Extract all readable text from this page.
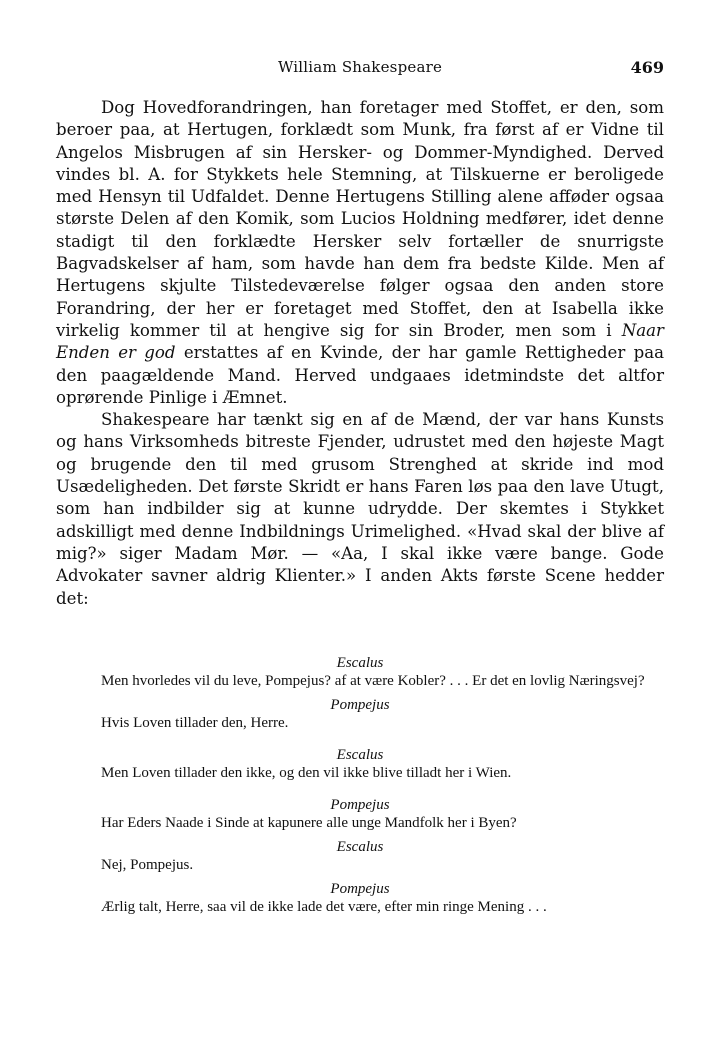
William Shakespeare	469

Dog Hovedforandringen, han foretager med Stoffet, er den, som beroer paa, at Hertugen, forklædt som Munk, fra først af er Vidne til Angelos Misbrugen af sin Hersker- og Dommer-Myndighed. Derved vindes bl. A. for Stykkets hele Stemning, at Tilskuerne er beroligede med Hensyn til Udfaldet. Denne Hertugens Stilling alene afføder ogsaa største Delen af den Komik, som Lucios Holdning medfører, idet denne stadigt til den forklædte Hersker selv fortæller de snurrigste Bagvadskelser af ham, som havde han dem fra bedste Kilde. Men af Hertugens skjulte Tilstedeværelse følger ogsaa den anden store Forandring, der her er foretaget med Stoffet, den at Isabella ikke virkelig kommer til at hengive sig for sin Broder, men som i Naar Enden er god erstattes af en Kvinde, der har gamle Rettigheder paa den paagældende Mand. Herved undgaaes idetmindste det altfor oprørende Pinlige i Æmnet.

Shakespeare har tænkt sig en af de Mænd, der var hans Kunsts og hans Virksomheds bitreste Fjender, udrustet med den højeste Magt og brugende den til med grusom Strenghed at skride ind mod Usædeligheden. Det første Skridt er hans Faren løs paa den lave Utugt, som han indbilder sig at kunne udrydde. Der skemtes i Stykket adskilligt med denne Indbildnings Urimelighed. «Hvad skal der blive af mig?» siger Madam Mør. — «Aa, I skal ikke være bange. Gode Advokater savner aldrig Klienter.» I anden Akts første Scene hedder det:

Escalus

Men hvorledes vil du leve, Pompejus? af at være Kobler? . . . Er det en lovlig Næringsvej?

Pompejus

Hvis Loven tillader den, Herre.

Escalus

Men Loven tillader den ikke, og den vil ikke blive tilladt her i Wien.

Pompejus

Har Eders Naade i Sinde at kapunere alle unge Mandfolk her i Byen?

Escalus

Nej, Pompejus.

Pompejus

Ærlig talt, Herre, saa vil de ikke lade det være, efter min ringe Mening . . .
